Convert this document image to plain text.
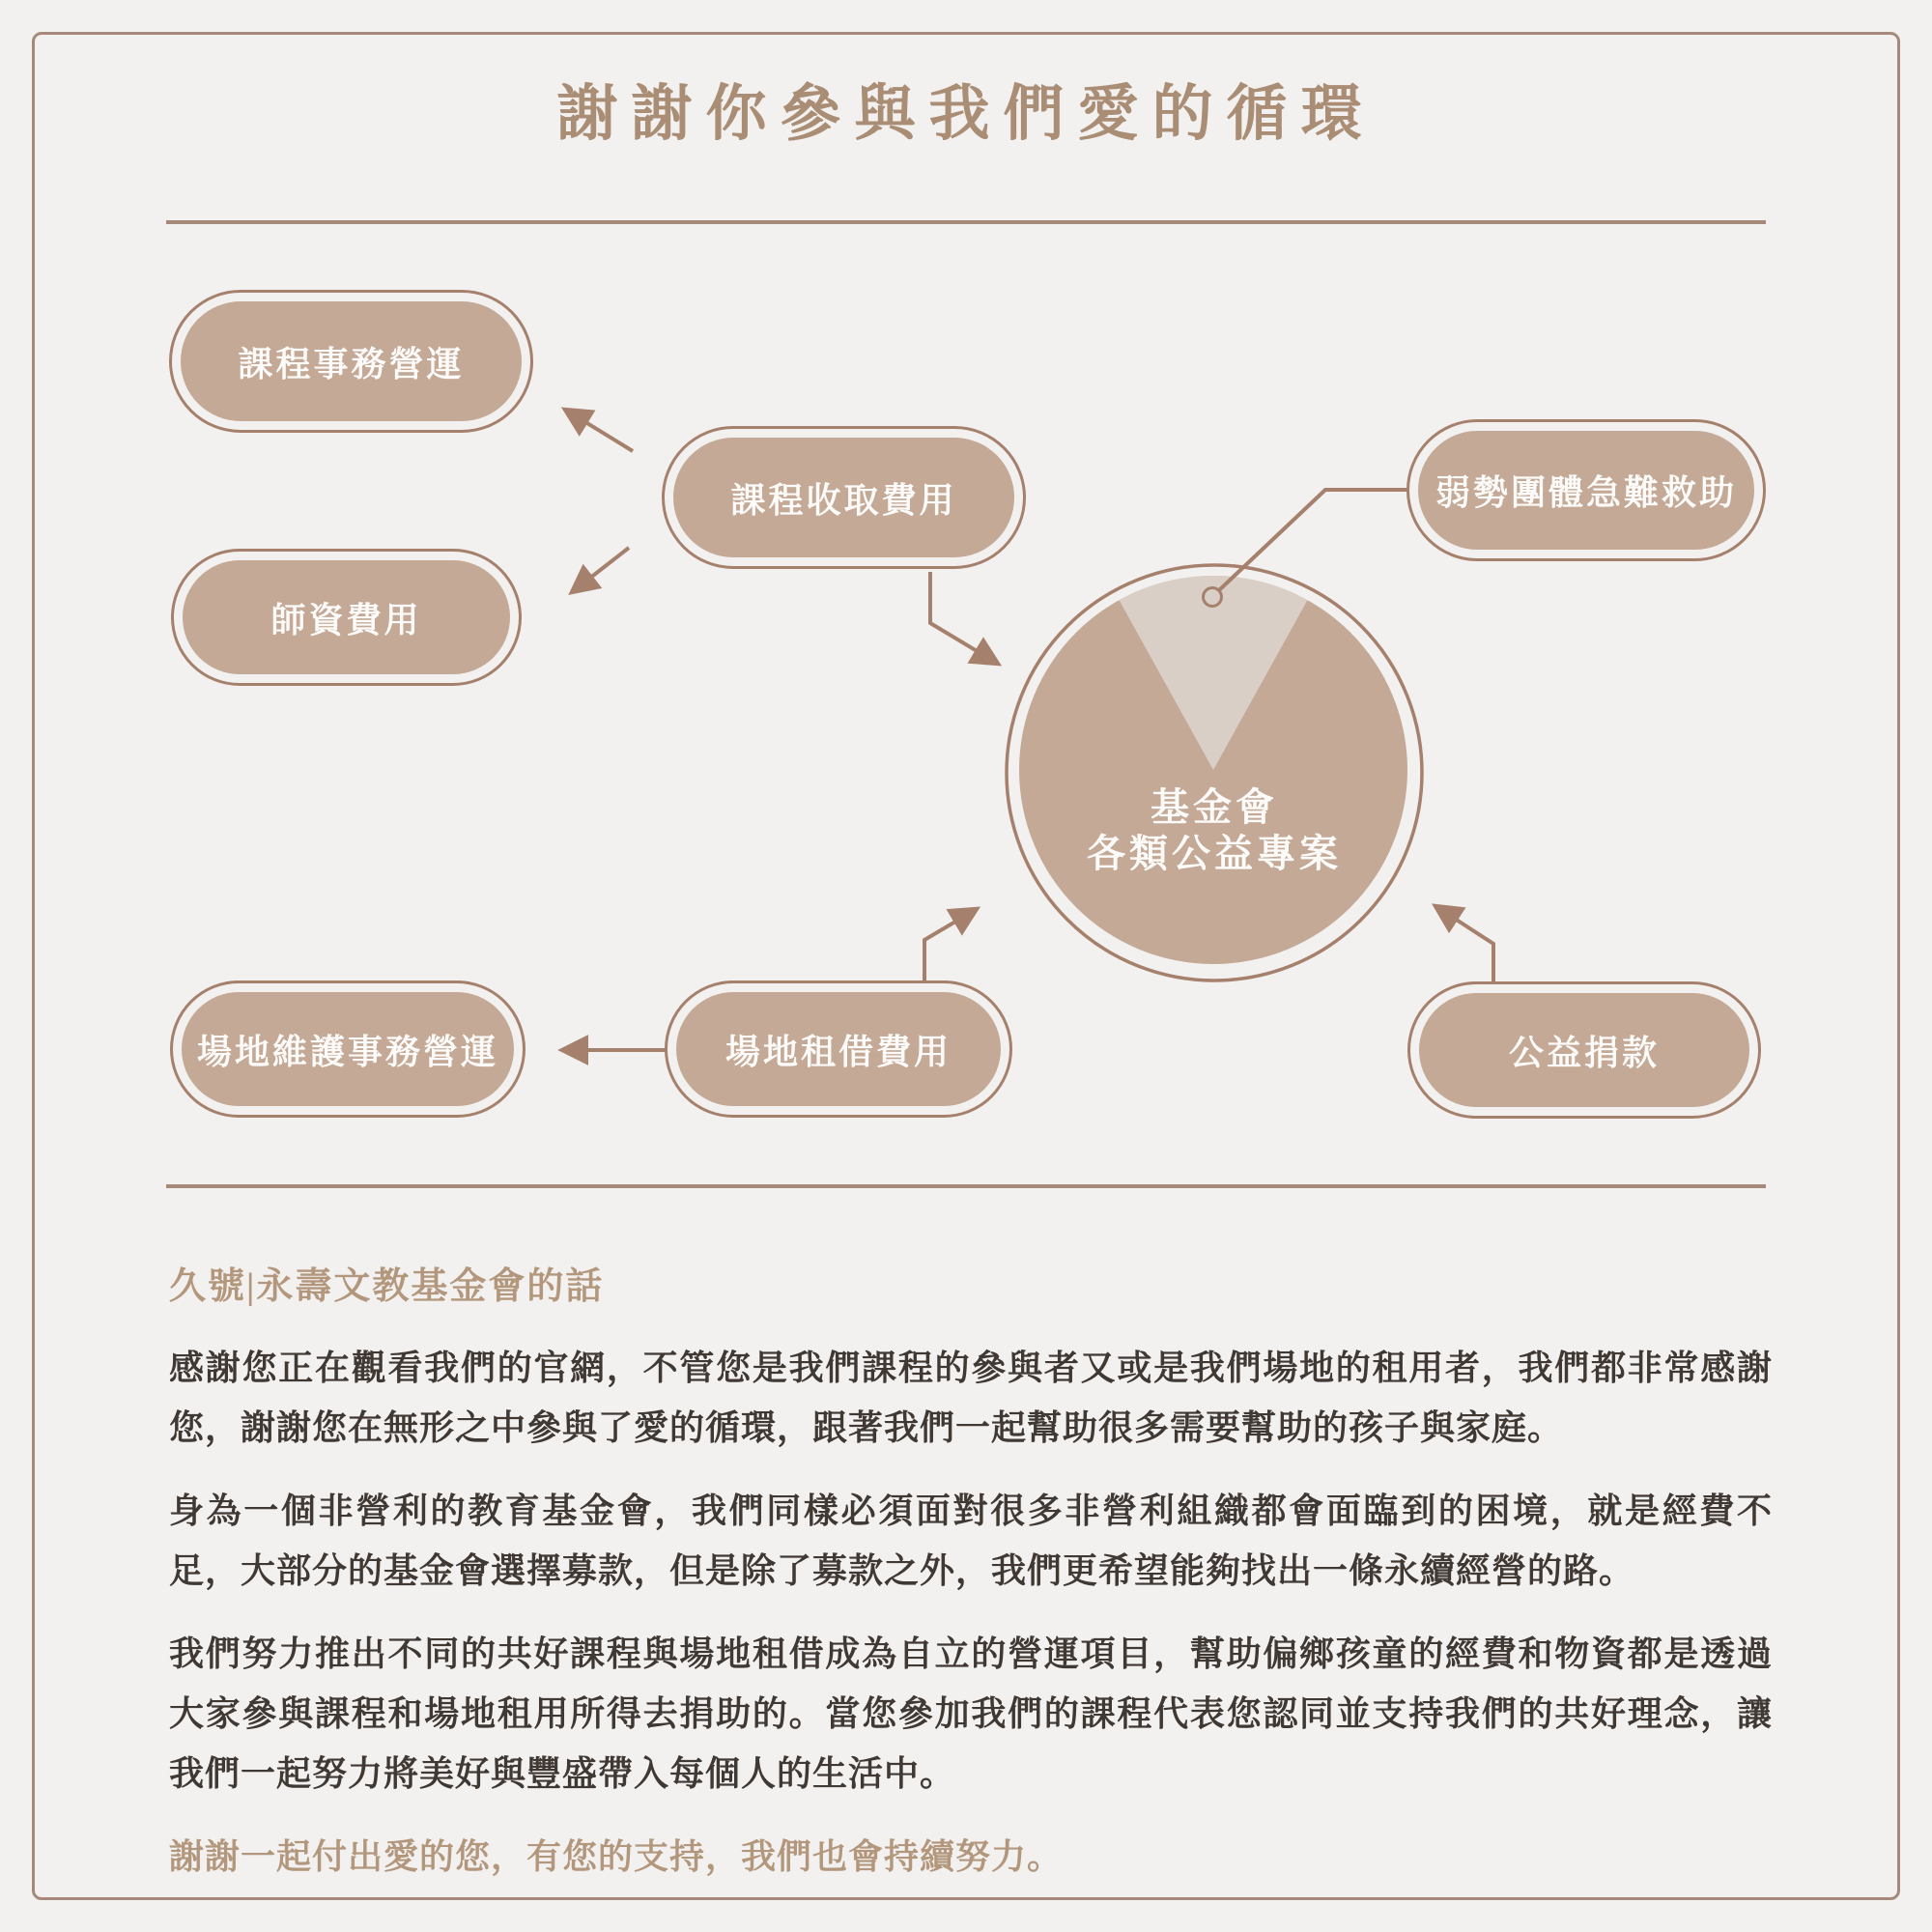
謝謝你參與我們愛的循環
課程事務營運
師資費用
課程收取費用	弱勢團體急難救助
場地維護事務營運	場地租借費用	公益捐款
基金會
各類公益專案
久號|永壽文教基金會的話

感謝您正在觀看我們的官網，不管您是我們課程的參與者又或是我們場地的租用者，我們都非常感謝您，謝謝您在無形之中參與了愛的循環，跟著我們一起幫助很多需要幫助的孩子與家庭。

身為一個非營利的教育基金會，我們同樣必須面對很多非營利組織都會面臨到的困境，就是經費不足，大部分的基金會選擇募款，但是除了募款之外，我們更希望能夠找出一條永續經營的路。

我們努力推出不同的共好課程與場地租借成為自立的營運項目，幫助偏鄉孩童的經費和物資都是透過大家參與課程和場地租用所得去捐助的。當您參加我們的課程代表您認同並支持我們的共好理念，讓我們一起努力將美好與豐盛帶入每個人的生活中。

謝謝一起付出愛的您，有您的支持，我們也會持續努力。
